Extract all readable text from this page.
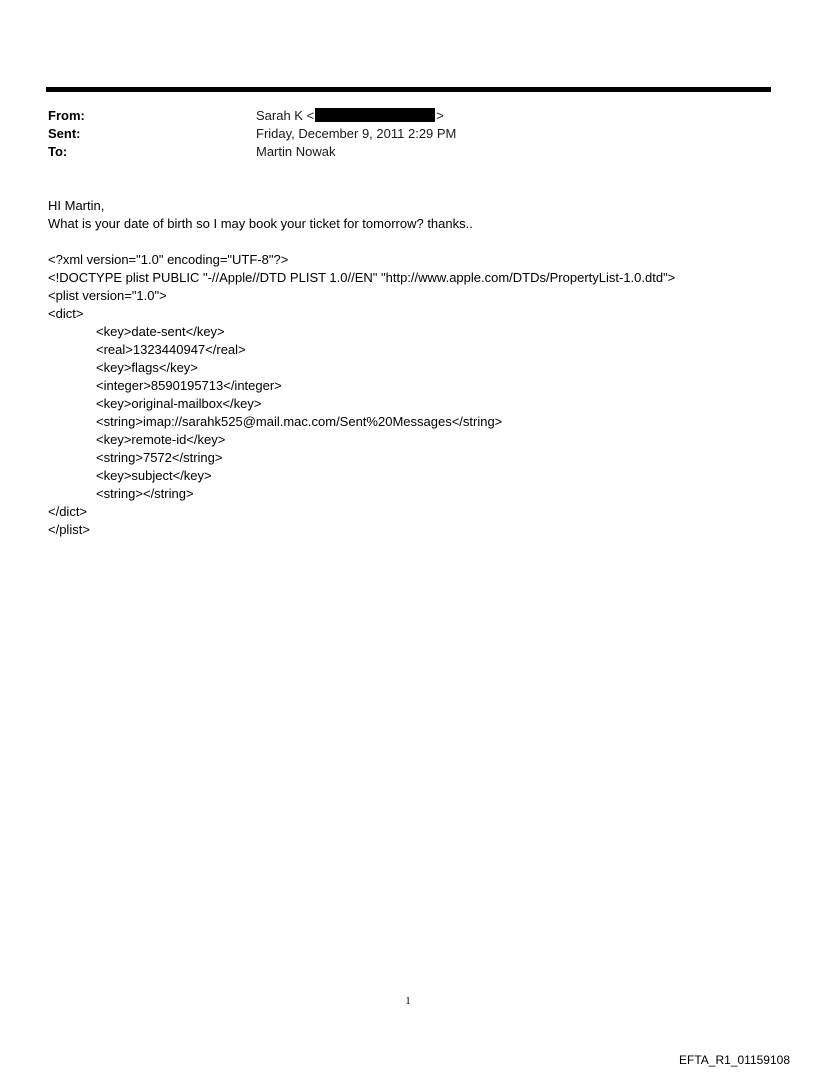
From:	Sarah K <	>
Sent:	Friday, December 9, 2011 2:29 PM
To:	Martin Nowak
HI Martin,
What is your date of birth so I may book your ticket for tomorrow? thanks..
<?xml version="1.0" encoding="UTF-8"?>
<!DOCTYPE plist PUBLIC "-//Apple//DTD PLIST 1.0//EN" "http://www.apple.com/DTDs/PropertyList-1.0.dtd">
<plist version="1.0">
<dict>
<key>date-sent</key>
<real>1323440947</real>
<key>flags</key>
<integer>8590195713</integer>
<key>original-mailbox</key>
<string>imap://sarahk525@mail.mac.com/Sent%20Messages</string>
<key>remote-id</key>
<string>7572</string>
<key>subject</key>
<string></string>
</dict>
</plist>
1
EFTA_R1_01159108
